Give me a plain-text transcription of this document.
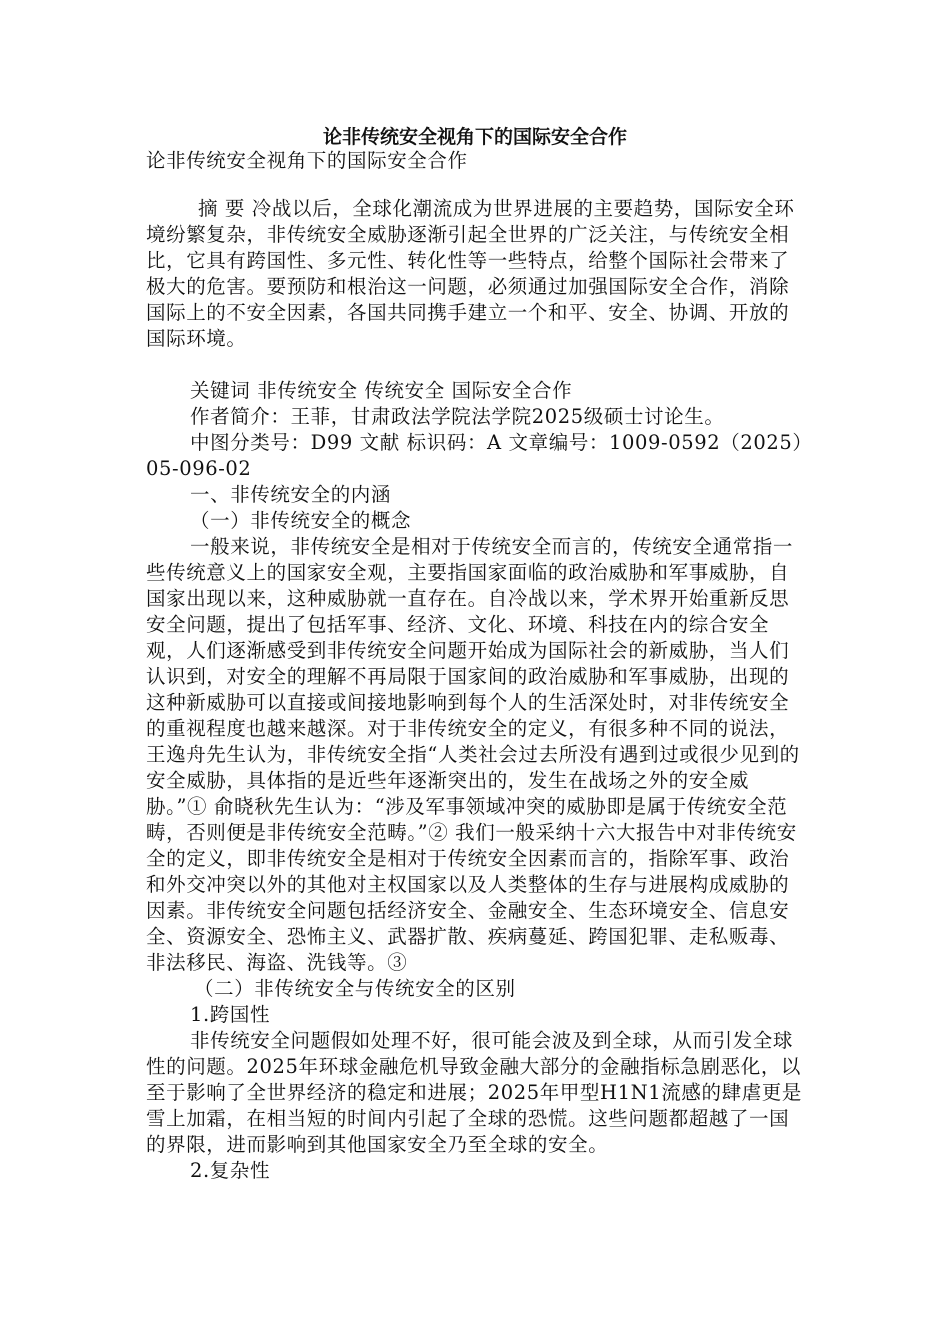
论非传统安全视角下的国际安全合作

论非传统安全视角下的国际安全合作

摘 要 冷战以后，全球化潮流成为世界进展的主要趋势，国际安全环境纷繁复杂，非传统安全威胁逐渐引起全世界的广泛关注，与传统安全相比，它具有跨国性、多元性、转化性等一些特点，给整个国际社会带来了极大的危害。要预防和根治这一问题，必须通过加强国际安全合作，消除国际上的不安全因素，各国共同携手建立一个和平、安全、协调、开放的国际环境。

关键词 非传统安全 传统安全 国际安全合作

作者简介：王菲，甘肃政法学院法学院2025级硕士讨论生。

中图分类号：D99 文献 标识码：A 文章编号：1009-0592（2025）05-096-02

一、非传统安全的内涵

（一）非传统安全的概念

一般来说，非传统安全是相对于传统安全而言的，传统安全通常指一些传统意义上的国家安全观，主要指国家面临的政治威胁和军事威胁，自国家出现以来，这种威胁就一直存在。自冷战以来，学术界开始重新反思安全问题，提出了包括军事、经济、文化、环境、科技在内的综合安全观，人们逐渐感受到非传统安全问题开始成为国际社会的新威胁，当人们认识到，对安全的理解不再局限于国家间的政治威胁和军事威胁，出现的这种新威胁可以直接或间接地影响到每个人的生活深处时，对非传统安全的重视程度也越来越深。对于非传统安全的定义，有很多种不同的说法，王逸舟先生认为，非传统安全指“人类社会过去所没有遇到过或很少见到的安全威胁，具体指的是近些年逐渐突出的，发生在战场之外的安全威胁。”① 俞晓秋先生认为：“涉及军事领域冲突的威胁即是属于传统安全范畴，否则便是非传统安全范畴。”② 我们一般采纳十六大报告中对非传统安全的定义，即非传统安全是相对于传统安全因素而言的，指除军事、政治和外交冲突以外的其他对主权国家以及人类整体的生存与进展构成威胁的因素。非传统安全问题包括经济安全、金融安全、生态环境安全、信息安全、资源安全、恐怖主义、武器扩散、疾病蔓延、跨国犯罪、走私贩毒、非法移民、海盗、洗钱等。③

（二）非传统安全与传统安全的区别

1.跨国性

非传统安全问题假如处理不好，很可能会波及到全球，从而引发全球性的问题。2025年环球金融危机导致金融大部分的金融指标急剧恶化，以至于影响了全世界经济的稳定和进展；2025年甲型H1N1流感的肆虐更是雪上加霜，在相当短的时间内引起了全球的恐慌。这些问题都超越了一国的界限，进而影响到其他国家安全乃至全球的安全。

2.复杂性
